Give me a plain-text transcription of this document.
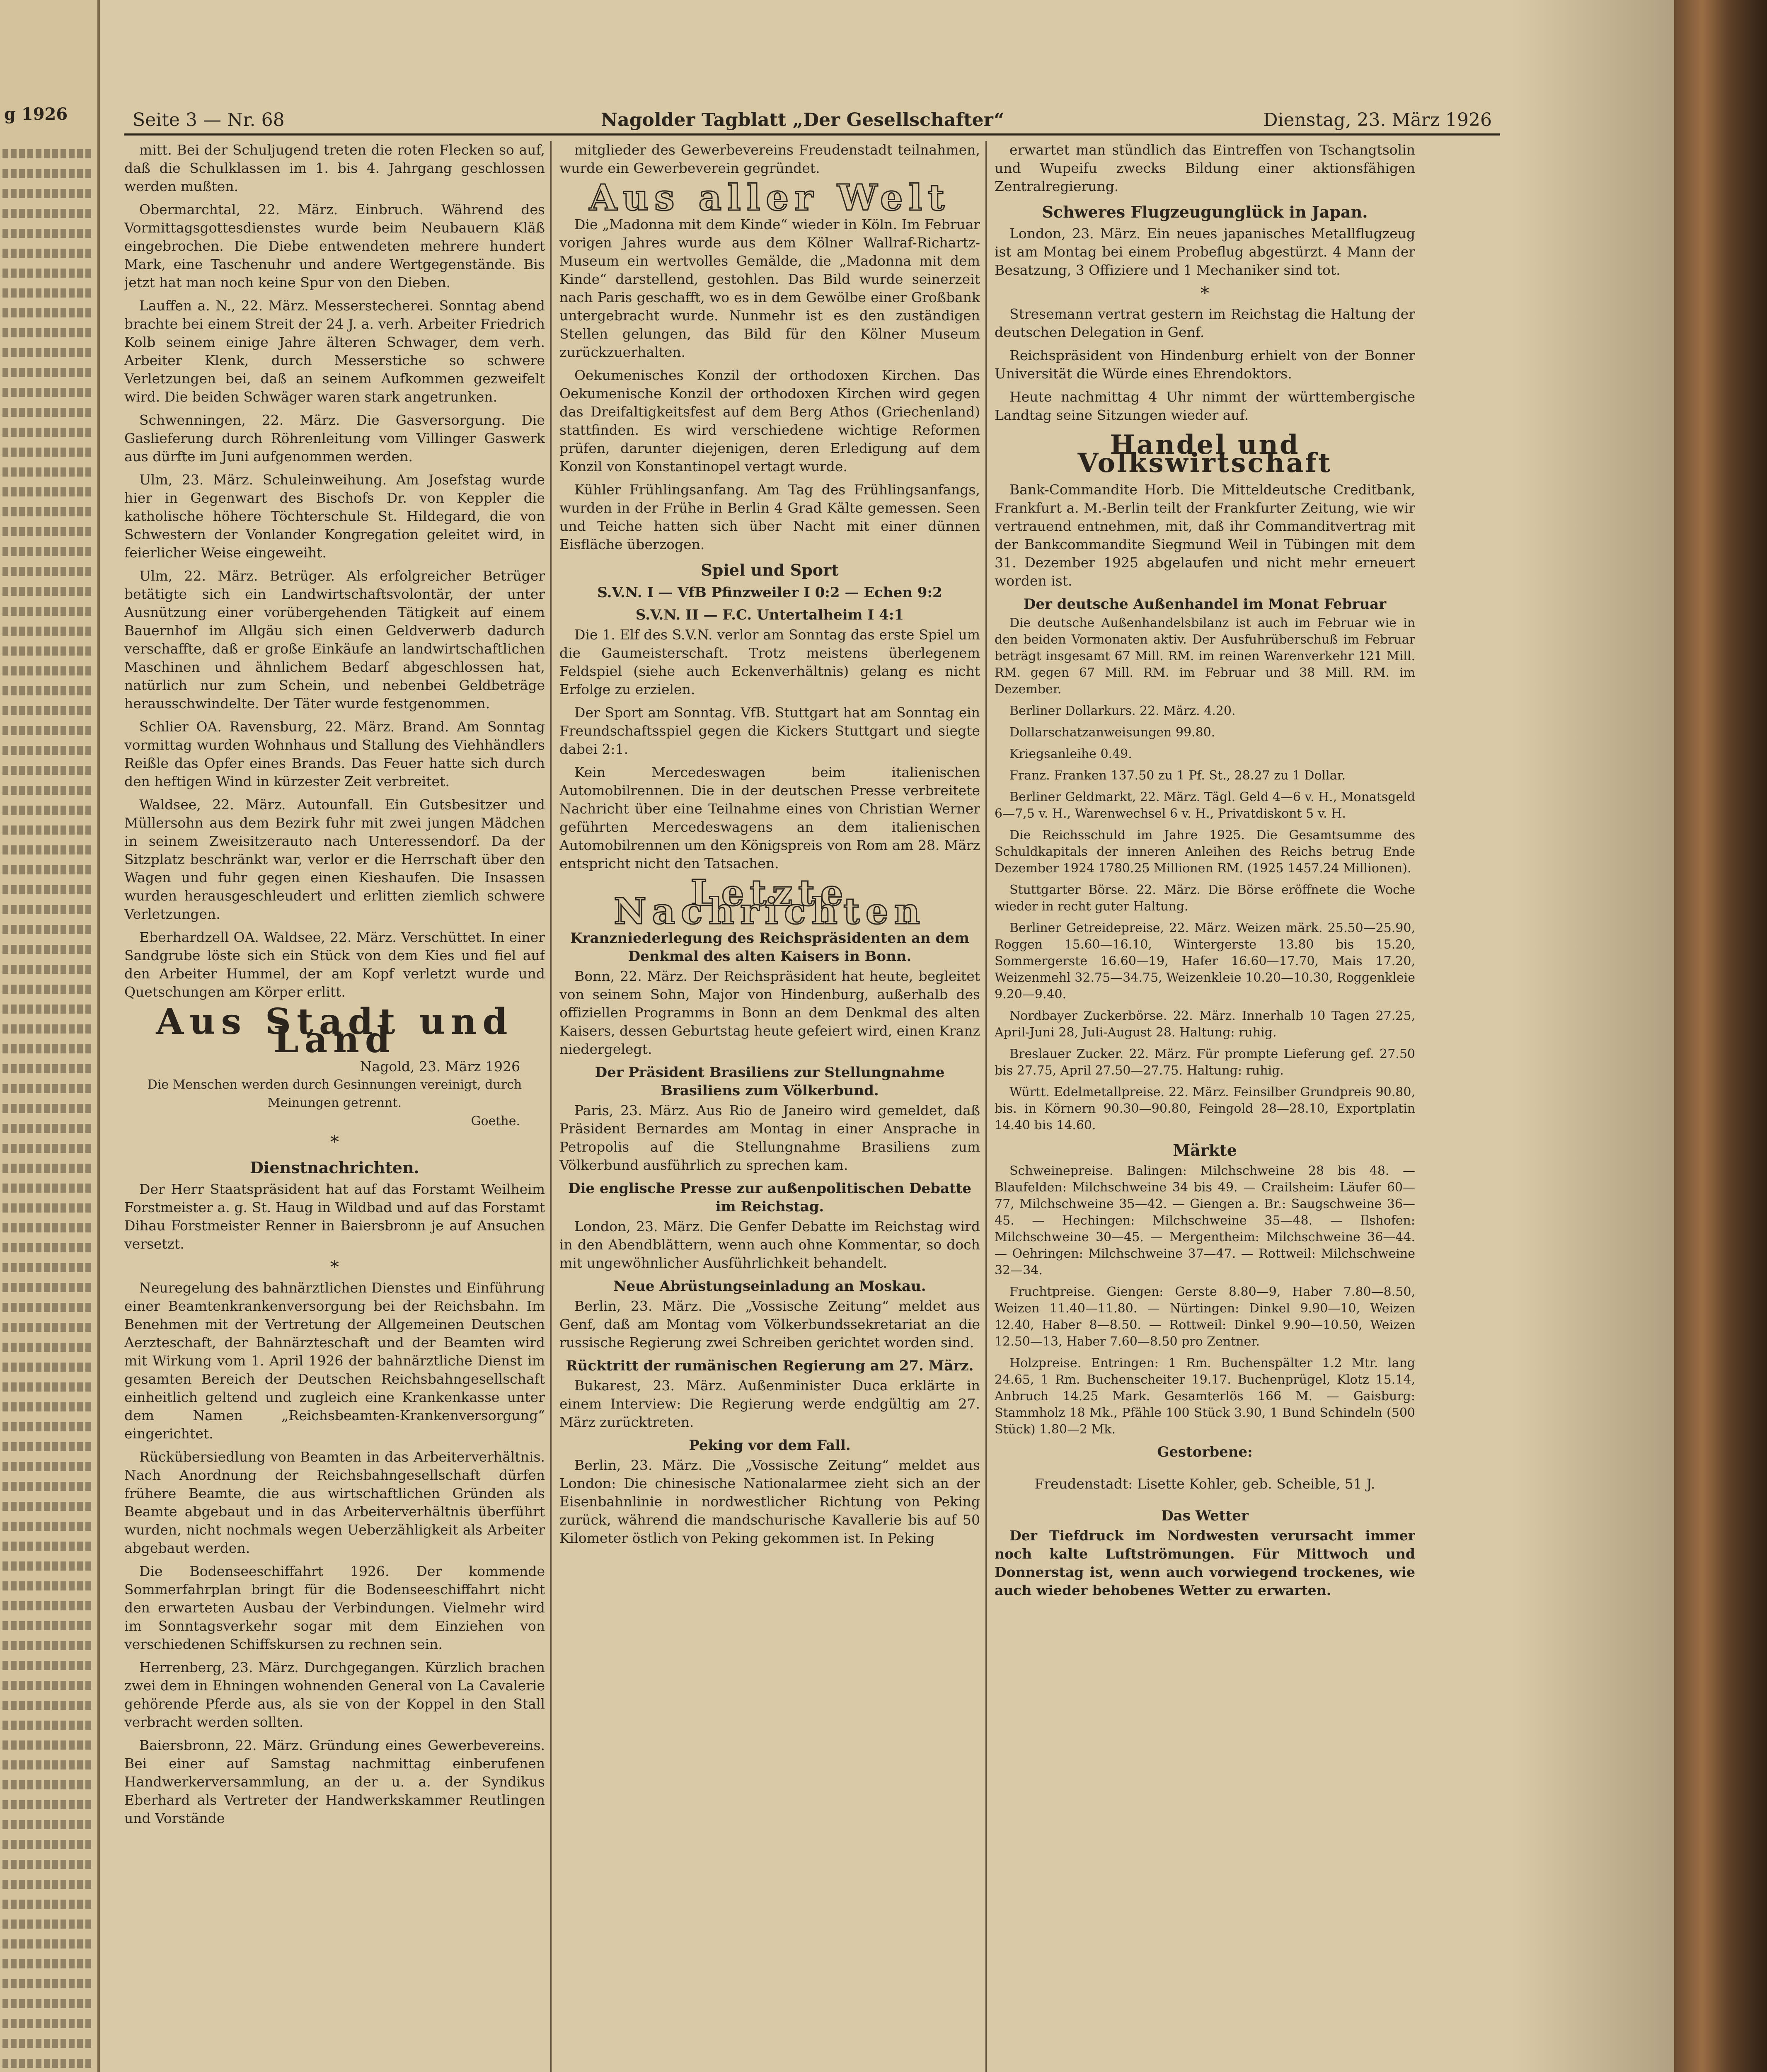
g 1926	Seite 3 — Nr. 68	Nagolder Tagblatt „Der Gesellschafter“	Dienstag, 23. März 1926

mitt. Bei der Schuljugend treten die roten Flecken so auf, daß die Schulklassen im 1. bis 4. Jahrgang geschlossen werden mußten.

Obermarchtal, 22. März. Einbruch. Während des Vormittagsgottesdienstes wurde beim Neubauern Kläß eingebrochen. Die Diebe entwendeten mehrere hundert Mark, eine Taschenuhr und andere Wertgegenstände. Bis jetzt hat man noch keine Spur von den Dieben.

Lauffen a. N., 22. März. Messerstecherei. Sonntag abend brachte bei einem Streit der 24 J. a. verh. Arbeiter Friedrich Kolb seinem einige Jahre älteren Schwager, dem verh. Arbeiter Klenk, durch Messerstiche so schwere Verletzungen bei, daß an seinem Aufkommen gezweifelt wird. Die beiden Schwäger waren stark angetrunken.

Schwenningen, 22. März. Die Gasversorgung. Die Gaslieferung durch Röhrenleitung vom Villinger Gaswerk aus dürfte im Juni aufgenommen werden.

Ulm, 23. März. Schuleinweihung. Am Josefstag wurde hier in Gegenwart des Bischofs Dr. von Keppler die katholische höhere Töchterschule St. Hildegard, die von Schwestern der Vonlander Kongregation geleitet wird, in feierlicher Weise eingeweiht.

Ulm, 22. März. Betrüger. Als erfolgreicher Betrüger betätigte sich ein Landwirtschaftsvolontär, der unter Ausnützung einer vorübergehenden Tätigkeit auf einem Bauernhof im Allgäu sich einen Geldverwerb dadurch verschaffte, daß er große Einkäufe an landwirtschaftlichen Maschinen und ähnlichem Bedarf abgeschlossen hat, natürlich nur zum Schein, und nebenbei Geldbeträge herausschwindelte. Der Täter wurde festgenommen.

Schlier OA. Ravensburg, 22. März. Brand. Am Sonntag vormittag wurden Wohnhaus und Stallung des Viehhändlers Reißle das Opfer eines Brands. Das Feuer hatte sich durch den heftigen Wind in kürzester Zeit verbreitet.

Waldsee, 22. März. Autounfall. Ein Gutsbesitzer und Müllersohn aus dem Bezirk fuhr mit zwei jungen Mädchen in seinem Zweisitzerauto nach Unteressendorf. Da der Sitzplatz beschränkt war, verlor er die Herrschaft über den Wagen und fuhr gegen einen Kieshaufen. Die Insassen wurden herausgeschleudert und erlitten ziemlich schwere Verletzungen.

Eberhardzell OA. Waldsee, 22. März. Verschüttet. In einer Sandgrube löste sich ein Stück von dem Kies und fiel auf den Arbeiter Hummel, der am Kopf verletzt wurde und Quetschungen am Körper erlitt.

Aus Stadt und Land
Nagold, 23. März 1926
Die Menschen werden durch Gesinnungen vereinigt, durch Meinungen getrennt.
Goethe.
*
Dienstnachrichten.

Der Herr Staatspräsident hat auf das Forstamt Weilheim Forstmeister a. g. St. Haug in Wildbad und auf das Forstamt Dihau Forstmeister Renner in Baiersbronn je auf Ansuchen versetzt.

*

Neuregelung des bahnärztlichen Dienstes und Einführung einer Beamtenkrankenversorgung bei der Reichsbahn. Im Benehmen mit der Vertretung der Allgemeinen Deutschen Aerzteschaft, der Bahnärzteschaft und der Beamten wird mit Wirkung vom 1. April 1926 der bahnärztliche Dienst im gesamten Bereich der Deutschen Reichsbahngesellschaft einheitlich geltend und zugleich eine Krankenkasse unter dem Namen „Reichsbeamten-Krankenversorgung“ eingerichtet.

Rückübersiedlung von Beamten in das Arbeiterverhältnis. Nach Anordnung der Reichsbahngesellschaft dürfen frühere Beamte, die aus wirtschaftlichen Gründen als Beamte abgebaut und in das Arbeiterverhältnis überführt wurden, nicht nochmals wegen Ueberzähligkeit als Arbeiter abgebaut werden.

Die Bodenseeschiffahrt 1926. Der kommende Sommerfahrplan bringt für die Bodenseeschiffahrt nicht den erwarteten Ausbau der Verbindungen. Vielmehr wird im Sonntagsverkehr sogar mit dem Einziehen von verschiedenen Schiffskursen zu rechnen sein.

Herrenberg, 23. März. Durchgegangen. Kürzlich brachen zwei dem in Ehningen wohnenden General von La Cavalerie gehörende Pferde aus, als sie von der Koppel in den Stall verbracht werden sollten.

Baiersbronn, 22. März. Gründung eines Gewerbevereins. Bei einer auf Samstag nachmittag einberufenen Handwerkerversammlung, an der u. a. der Syndikus Eberhard als Vertreter der Handwerkskammer Reutlingen und Vorstände

mitglieder des Gewerbevereins Freudenstadt teilnahmen, wurde ein Gewerbeverein gegründet.

Aus aller Welt

Die „Madonna mit dem Kinde“ wieder in Köln. Im Februar vorigen Jahres wurde aus dem Kölner Wallraf-Richartz-Museum ein wertvolles Gemälde, die „Madonna mit dem Kinde“ darstellend, gestohlen. Das Bild wurde seinerzeit nach Paris geschafft, wo es in dem Gewölbe einer Großbank untergebracht wurde. Nunmehr ist es den zuständigen Stellen gelungen, das Bild für den Kölner Museum zurückzuerhalten.

Oekumenisches Konzil der orthodoxen Kirchen. Das Oekumenische Konzil der orthodoxen Kirchen wird gegen das Dreifaltigkeitsfest auf dem Berg Athos (Griechenland) stattfinden. Es wird verschiedene wichtige Reformen prüfen, darunter diejenigen, deren Erledigung auf dem Konzil von Konstantinopel vertagt wurde.

Kühler Frühlingsanfang. Am Tag des Frühlingsanfangs, wurden in der Frühe in Berlin 4 Grad Kälte gemessen. Seen und Teiche hatten sich über Nacht mit einer dünnen Eisfläche überzogen.

Spiel und Sport
S.V.N. I — VfB Pfinzweiler I 0:2 — Echen 9:2
S.V.N. II — F.C. Untertalheim I 4:1

Die 1. Elf des S.V.N. verlor am Sonntag das erste Spiel um die Gaumeisterschaft. Trotz meistens überlegenem Feldspiel (siehe auch Eckenverhältnis) gelang es nicht Erfolge zu erzielen.

Der Sport am Sonntag. VfB. Stuttgart hat am Sonntag ein Freundschaftsspiel gegen die Kickers Stuttgart und siegte dabei 2:1.

Kein Mercedeswagen beim italienischen Automobilrennen. Die in der deutschen Presse verbreitete Nachricht über eine Teilnahme eines von Christian Werner geführten Mercedeswagens an dem italienischen Automobilrennen um den Königspreis von Rom am 28. März entspricht nicht den Tatsachen.

Letzte Nachrichten
Kranzniederlegung des Reichspräsidenten an dem Denkmal des alten Kaisers in Bonn.

Bonn, 22. März. Der Reichspräsident hat heute, begleitet von seinem Sohn, Major von Hindenburg, außerhalb des offiziellen Programms in Bonn an dem Denkmal des alten Kaisers, dessen Geburtstag heute gefeiert wird, einen Kranz niedergelegt.

Der Präsident Brasiliens zur Stellungnahme Brasiliens zum Völkerbund.

Paris, 23. März. Aus Rio de Janeiro wird gemeldet, daß Präsident Bernardes am Montag in einer Ansprache in Petropolis auf die Stellungnahme Brasiliens zum Völkerbund ausführlich zu sprechen kam.

Die englische Presse zur außenpolitischen Debatte im Reichstag.

London, 23. März. Die Genfer Debatte im Reichstag wird in den Abendblättern, wenn auch ohne Kommentar, so doch mit ungewöhnlicher Ausführlichkeit behandelt.

Neue Abrüstungseinladung an Moskau.

Berlin, 23. März. Die „Vossische Zeitung“ meldet aus Genf, daß am Montag vom Völkerbundssekretariat an die russische Regierung zwei Schreiben gerichtet worden sind.

Rücktritt der rumänischen Regierung am 27. März.

Bukarest, 23. März. Außenminister Duca erklärte in einem Interview: Die Regierung werde endgültig am 27. März zurücktreten.

Peking vor dem Fall.

Berlin, 23. März. Die „Vossische Zeitung“ meldet aus London: Die chinesische Nationalarmee zieht sich an der Eisenbahnlinie in nordwestlicher Richtung von Peking zurück, während die mandschurische Kavallerie bis auf 50 Kilometer östlich von Peking gekommen ist. In Peking

erwartet man stündlich das Eintreffen von Tschangtsolin und Wupeifu zwecks Bildung einer aktionsfähigen Zentralregierung.

Schweres Flugzeugunglück in Japan.

London, 23. März. Ein neues japanisches Metallflugzeug ist am Montag bei einem Probeflug abgestürzt. 4 Mann der Besatzung, 3 Offiziere und 1 Mechaniker sind tot.

*

Stresemann vertrat gestern im Reichstag die Haltung der deutschen Delegation in Genf.

Reichspräsident von Hindenburg erhielt von der Bonner Universität die Würde eines Ehrendoktors.

Heute nachmittag 4 Uhr nimmt der württembergische Landtag seine Sitzungen wieder auf.

Handel und Volkswirtschaft

Bank-Commandite Horb. Die Mitteldeutsche Creditbank, Frankfurt a. M.-Berlin teilt der Frankfurter Zeitung, wie wir vertrauend entnehmen, mit, daß ihr Commanditvertrag mit der Bankcommandite Siegmund Weil in Tübingen mit dem 31. Dezember 1925 abgelaufen und nicht mehr erneuert worden ist.

Der deutsche Außenhandel im Monat Februar

Die deutsche Außenhandelsbilanz ist auch im Februar wie in den beiden Vormonaten aktiv. Der Ausfuhrüberschuß im Februar beträgt insgesamt 67 Mill. RM. im reinen Warenverkehr 121 Mill. RM. gegen 67 Mill. RM. im Februar und 38 Mill. RM. im Dezember.

Berliner Dollarkurs. 22. März. 4.20.

Dollarschatzanweisungen 99.80.

Kriegsanleihe 0.49.

Franz. Franken 137.50 zu 1 Pf. St., 28.27 zu 1 Dollar.

Berliner Geldmarkt, 22. März. Tägl. Geld 4—6 v. H., Monatsgeld 6—7,5 v. H., Warenwechsel 6 v. H., Privatdiskont 5 v. H.

Die Reichsschuld im Jahre 1925. Die Gesamtsumme des Schuldkapitals der inneren Anleihen des Reichs betrug Ende Dezember 1924 1780.25 Millionen RM. (1925 1457.24 Millionen).

Stuttgarter Börse. 22. März. Die Börse eröffnete die Woche wieder in recht guter Haltung.

Berliner Getreidepreise, 22. März. Weizen märk. 25.50—25.90, Roggen 15.60—16.10, Wintergerste 13.80 bis 15.20, Sommergerste 16.60—19, Hafer 16.60—17.70, Mais 17.20, Weizenmehl 32.75—34.75, Weizenkleie 10.20—10.30, Roggenkleie 9.20—9.40.

Nordbayer Zuckerbörse. 22. März. Innerhalb 10 Tagen 27.25, April-Juni 28, Juli-August 28. Haltung: ruhig.

Breslauer Zucker. 22. März. Für prompte Lieferung gef. 27.50 bis 27.75, April 27.50—27.75. Haltung: ruhig.

Württ. Edelmetallpreise. 22. März. Feinsilber Grundpreis 90.80, bis. in Körnern 90.30—90.80, Feingold 28—28.10, Exportplatin 14.40 bis 14.60.

Märkte

Schweinepreise. Balingen: Milchschweine 28 bis 48. — Blaufelden: Milchschweine 34 bis 49. — Crailsheim: Läufer 60—77, Milchschweine 35—42. — Giengen a. Br.: Saugschweine 36—45. — Hechingen: Milchschweine 35—48. — Ilshofen: Milchschweine 30—45. — Mergentheim: Milchschweine 36—44. — Oehringen: Milchschweine 37—47. — Rottweil: Milchschweine 32—34.

Fruchtpreise. Giengen: Gerste 8.80—9, Haber 7.80—8.50, Weizen 11.40—11.80. — Nürtingen: Dinkel 9.90—10, Weizen 12.40, Haber 8—8.50. — Rottweil: Dinkel 9.90—10.50, Weizen 12.50—13, Haber 7.60—8.50 pro Zentner.

Holzpreise. Entringen: 1 Rm. Buchenspälter 1.2 Mtr. lang 24.65, 1 Rm. Buchenscheiter 19.17. Buchenprügel, Klotz 15.14, Anbruch 14.25 Mark. Gesamterlös 166 M. — Gaisburg: Stammholz 18 Mk., Pfähle 100 Stück 3.90, 1 Bund Schindeln (500 Stück) 1.80—2 Mk.

Gestorbene:

Freudenstadt: Lisette Kohler, geb. Scheible, 51 J.

Das Wetter

Der Tiefdruck im Nordwesten verursacht immer noch kalte Luftströmungen. Für Mittwoch und Donnerstag ist, wenn auch vorwiegend trockenes, wie auch wieder behobenes Wetter zu erwarten.
